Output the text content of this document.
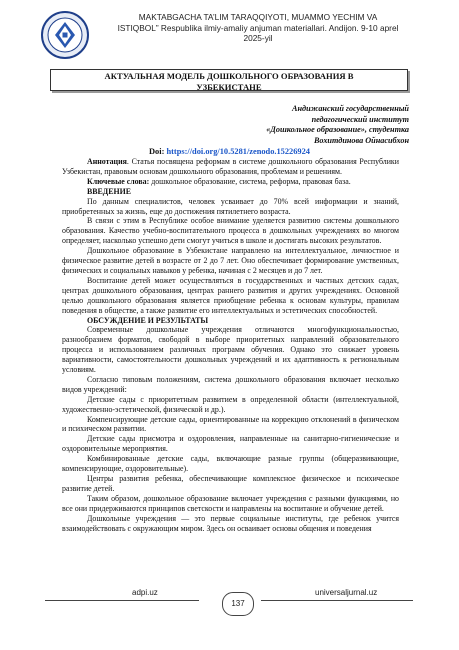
MAKTABGACHA TA’LIM TARAQQIYOTI, MUAMMO YECHIM VA
ISTIQBOL” Respublika ilmiy-amaliy anjuman materiallari. Andijon. 9-10 aprel
2025-yil
АКТУАЛЬНАЯ МОДЕЛЬ ДОШКОЛЬНОГО ОБРАЗОВАНИЯ В
УЗБЕКИСТАНЕ
Андижанский государственный
педагогический институт
«Дошкольное образование», студентка
Вохитдинова Ойнасибхон
Doi: https://doi.org/10.5281/zenodo.15226924

Аннотация. Статья посвящена реформам в системе дошкольного образования Республики Узбекистан, правовым основам дошкольного образования, проблемам и решениям.

Ключевые слова: дошкольное образование, система, реформа, правовая база.

ВВЕДЕНИЕ

По данным специалистов, человек усваивает до 70% всей информации и знаний, приобретенных за жизнь, еще до достижения пятилетнего возраста.

В связи с этим в Республике особое внимание уделяется развитию системы дошкольного образования. Качество учебно-воспитательного процесса в дошкольных учреждениях во многом определяет, насколько успешно дети смогут учиться в школе и достигать высоких результатов.

Дошкольное образование в Узбекистане направлено на интеллектуальное, личностное и физическое развитие детей в возрасте от 2 до 7 лет. Оно обеспечивает формирование умственных, физических и социальных навыков у ребенка, начиная с 2 месяцев и до 7 лет.

Воспитание детей может осуществляться в государственных и частных детских садах, центрах дошкольного образования, центрах раннего развития и других учреждениях. Основной целью дошкольного образования является приобщение ребенка к основам культуры, правилам поведения в обществе, а также развитие его интеллектуальных и эстетических способностей.

ОБСУЖДЕНИЕ И РЕЗУЛЬТАТЫ

Современные дошкольные учреждения отличаются многофункциональностью, разнообразием форматов, свободой в выборе приоритетных направлений образовательного процесса и использованием различных программ обучения. Однако это снижает уровень вариативности, самостоятельности дошкольных учреждений и их адаптивность к региональным условиям.

Согласно типовым положениям, система дошкольного образования включает несколько видов учреждений:

Детские сады с приоритетным развитием в определенной области (интеллектуальной, художественно-эстетической, физической и др.).

Компенсирующие детские сады, ориентированные на коррекцию отклонений в физическом и психическом развитии.

Детские сады присмотра и оздоровления, направленные на санитарно-гигиенические и оздоровительные мероприятия.

Комбинированные детские сады, включающие разные группы (общеразвивающие, компенсирующие, оздоровительные).

Центры развития ребенка, обеспечивающие комплексное физическое и психическое развитие детей.

Таким образом, дошкольное образование включает учреждения с разными функциями, но все они придерживаются принципов светскости и направлены на воспитание и обучение детей.

Дошкольные учреждения — это первые социальные институты, где ребенок учится взаимодействовать с окружающим миром. Здесь он осваивает основы общения и поведения

adpi.uz
137
universaljurnal.uz
